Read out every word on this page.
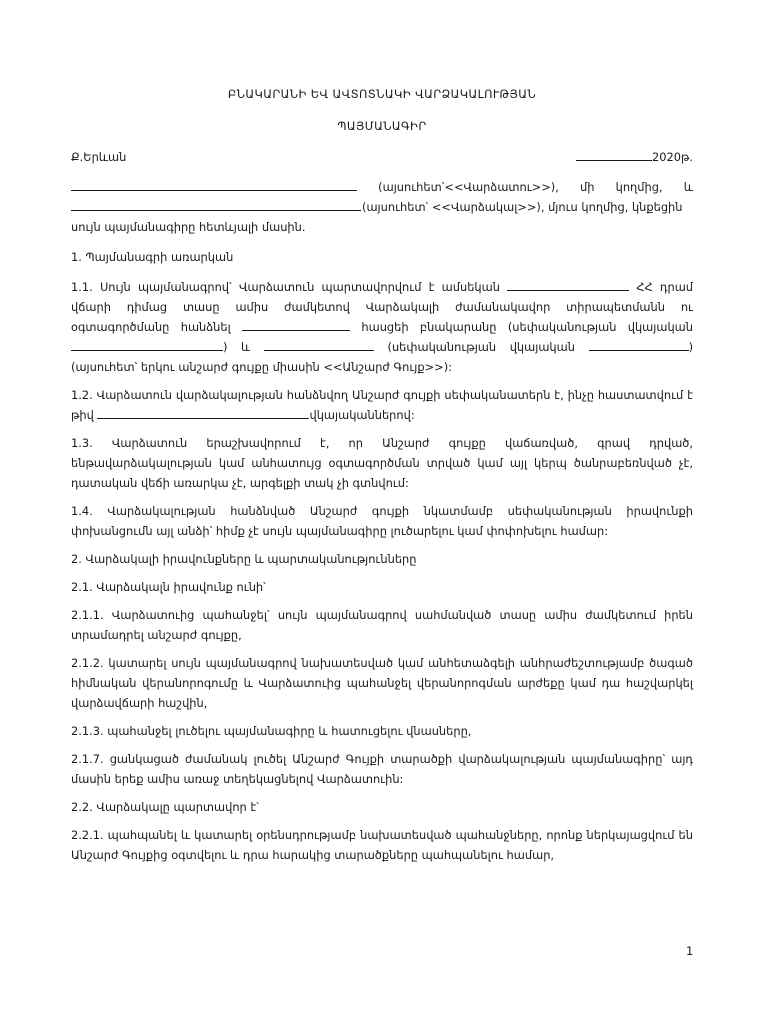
ԲՆԱԿԱՐԱՆԻ ԵՎ ԱՎՏՈՏՆԱԿԻ ՎԱՐՁԱԿԱԼՈՒԹՅԱՆ
ՊԱՅՄԱՆԱԳԻՐ
Ք.Երևան	2020թ.
(այսուհետ՝<<Վարձատու>>), մի կողմից, և
(այսուհետ՝ <<Վարձակալ>>), մյուս կողմից, կնքեցին
սույն պայմանագիրը հետևյալի մասին.

1. Պայմանագրի առարկան

1.1. Սույն պայմանագրով՝ Վարձատուն պարտավորվում է ամսեկան	ՀՀ դրամ վճարի դիմաց տասը ամիս ժամկետով Վարձակալի ժամանակավոր տիրապետմանն ու օգտագործմանը հանձնել	հասցեի բնակարանը (սեփականության վկայական ) և	(սեփականության վկայական	) (այսուհետ՝ երկու անշարժ գույքը միասին <<Անշարժ Գույք>>):

1.2. Վարձատուն վարձակալության հանձնվող Անշարժ գույքի սեփականատերն է, ինչը հաստատվում է թիվ	վկայականներով:

1.3. Վարձատուն երաշխավորում է, որ Անշարժ գույքը վաճառված, գրավ դրված, ենթավարձակալության կամ անհատույց օգտագործման տրված կամ այլ կերպ ծանրաբեռնված չէ, դատական վեճի առարկա չէ, արգելքի տակ չի գտնվում:

1.4. Վարձակալության հանձնված Անշարժ գույքի նկատմամբ սեփականության իրավունքի փոխանցումն այլ անձի՝ հիմք չէ սույն պայմանագիրը լուծարելու կամ փոփոխելու համար:

2. Վարձակալի իրավունքները և պարտականությունները

2.1. Վարձակալն իրավունք ունի՝

2.1.1. Վարձատուից պահանջել՝ սույն պայմանագրով սահմանված տասը ամիս ժամկետում իրեն տրամադրել անշարժ գույքը,

2.1.2. կատարել սույն պայմանագրով նախատեսված կամ անհետաձգելի անհրաժեշտությամբ ծագած հիմնական վերանորոգումը և Վարձատուից պահանջել վերանորոգման արժեքը կամ դա հաշվարկել վարձավճարի հաշվին,

2.1.3. պահանջել լուծելու պայմանագիրը և հատուցելու վնասները,

2.1.7. ցանկացած ժամանակ լուծել Անշարժ Գույքի տարածքի վարձակալության պայմանագիրը՝ այդ մասին երեք ամիս առաջ տեղեկացնելով Վարձատուին:

2.2. Վարձակալը պարտավոր է՝

2.2.1. պահպանել և կատարել օրենսդրությամբ նախատեսված պահանջները, որոնք ներկայացվում են Անշարժ Գույքից օգտվելու և դրա հարակից տարածքները պահպանելու համար,

1
